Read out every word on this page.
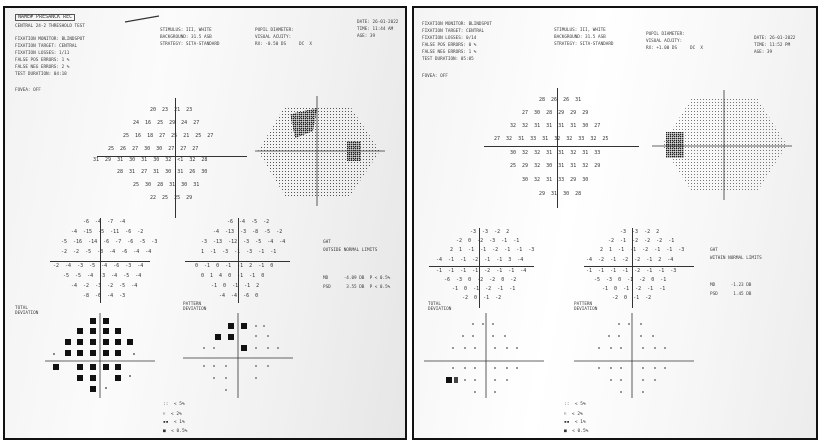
NAME# PRESANCK REC
CENTRAL 24-2 THRESHOLD TEST
FIXATION MONITOR: BLINDSPOT
FIXATION TARGET: CENTRAL
FIXATION LOSSES: 1/11
FALSE POS ERRORS: 1 %
FALSE NEG ERRORS: 2 %
TEST DURATION: 04:18
FOVEA: OFF
STIMULUS: III, WHITE
BACKGROUND: 31.5 ASB
STRATEGY: SITA-STANDARD
PUPIL DIAMETER:
VISUAL ACUITY:
RX: -0.50 DS     DC  X
DATE: 26-01-2022
TIME: 11:44 AM
AGE: 39
20  23  21  23
24  16  25  29  24  27
25  16  18  27  25  21  25  27
25  26  27  30  30  27  27  27
31  29  31  30  31  30  32  <1  32  28
28  31  27  31  30  31  26  30
25  30  28  31  30  31
22  25  25  29
-6  -4  -7  -4
-4  -15  -5  -11  -6  -2
-5  -16  -14  -6  -7  -6  -5  -3
-2  -2  -5  -3  -4  -6  -4  -4
-2  -4  -3  -5  -4  -6  -3  -4
-5  -5  -4  -3  -4  -5  -4
-4  -2  -3  -2  -5  -4
-8  -6  -4  -3
-6  -4  -5  -2
-4  -13  -3  -8  -5  -2
-3  -13  -12  -3  -5  -4  -4
1  -1  -3  -1  -3  -1  -1
0  -1  0  -1  -1  2  -1  0
0  1  4  0  -1  -1  0
-1  0  -1  -1  2
-4  -4  -6  0
GHT
OUTSIDE NORMAL LIMITS
MD      -4.09 DB  P < 0.5%
PSD      3.55 DB  P < 0.5%
TOTAL
DEVIATION
PATTERN
DEVIATION
::  < 5%
⁞⁞  < 2%
▪▪  < 1%
■  < 0.5%
FIXATION MONITOR: BLINDSPOT
FIXATION TARGET: CENTRAL
FIXATION LOSSES: 0/14
FALSE POS ERRORS: 0 %
FALSE NEG ERRORS: 1 %
TEST DURATION: 05:05
FOVEA: OFF
STIMULUS: III, WHITE
BACKGROUND: 31.5 ASB
STRATEGY: SITA-STANDARD
PUPIL DIAMETER:
VISUAL ACUITY:
RX: +1.00 DS     DC  X
DATE: 26-01-2022
TIME: 11:52 PM
AGE: 39
28  26  26  31
27  30  28  29  29  29
32  32  31  31  31  31  30  27
27  32  31  33  31  32  32  33  32  25
30  32  32  31  31  32  31  33
25  29  32  30  31  31  32  29
30  32  31  33  29  30
29  31  30  28
-3  -3  -2  2
-2  0  -2  -3  -1  -1
2  1  -1  -1  -2  -1  -1  -3
-4  -1  -1  -2  -1  -1  3  -4
-1  -1  -1  -1  -2  -1  -1  -4
-6  -3  0  -2  -2  0  -2
-1  0  -1  -2  -1  -1
-2  0  -1  -2
-3  -3  -2  2
-2  -1  -2  -2  -2  -1
2  1  -1  -1  -2  -1  -1  -3
-4  -2  -1  -2  -2  -1  2  -4
-1  -1  -1  -1  -2  -1  -1  -3
-5  -3  0  -1  -2  0  -1
-1  0  -1  -2  -1  -1
-2  0  -1  -2
GHT
WITHIN NORMAL LIMITS
MD      -1.23 DB
PSD      1.45 DB
TOTAL
DEVIATION
PATTERN
DEVIATION
::  < 5%
⁞⁞  < 2%
▪▪  < 1%
■  < 0.5%
